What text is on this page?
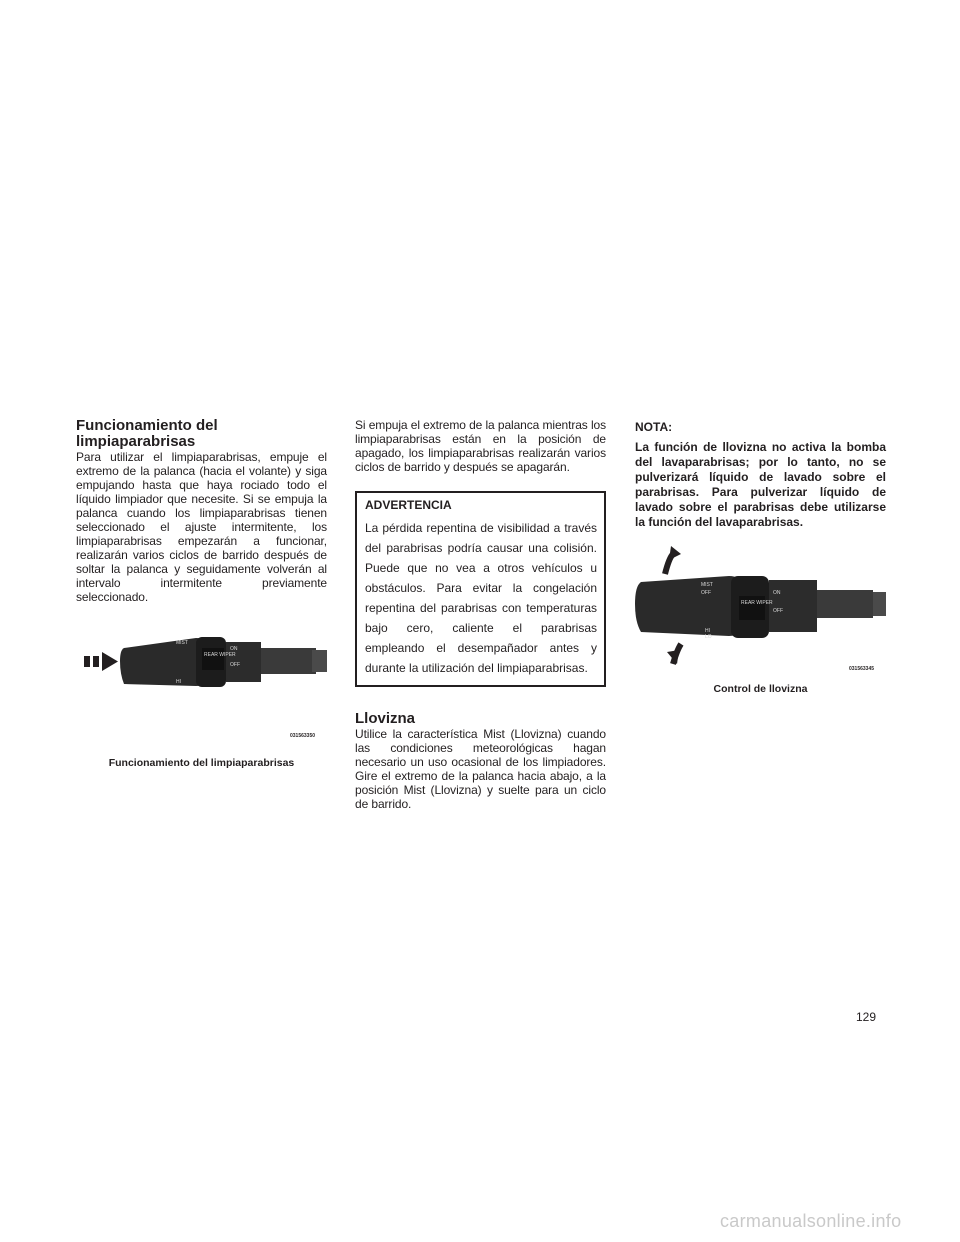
Funcionamiento del limpiaparabrisas

Para utilizar el limpiaparabrisas, empuje el extremo de la palanca (hacia el volante) y siga empujando hasta que haya rociado todo el líquido limpiador que necesite. Si se empuja la palanca cuando los limpiaparabrisas tienen seleccionado el ajuste intermitente, los limpiaparabrisas empezarán a funcionar, realizarán varios ciclos de barrido después de soltar la palanca y seguidamente volverán al intervalo intermitente previamente seleccionado.

REAR WIPER
MIST
ON
OFF
HI
031563350
Funcionamiento del limpiaparabrisas

Si empuja el extremo de la palanca mientras los limpiaparabrisas están en la posición de apagado, los limpiaparabrisas realizarán varios ciclos de barrido y después se apagarán.

ADVERTENCIA

La pérdida repentina de visibilidad a través del parabrisas podría causar una colisión. Puede que no vea a otros vehículos u obstáculos. Para evitar la congelación repentina del parabrisas con temperaturas bajo cero, caliente el parabrisas empleando el desempañador antes y durante la utilización del limpiaparabrisas.

Llovizna

Utilice la característica Mist (Llovizna) cuando las condiciones meteorológicas hagan necesario un uso ocasional de los limpiadores. Gire el extremo de la palanca hacia abajo, a la posición Mist (Llovizna) y suelte para un ciclo de barrido.

NOTA:

La función de llovizna no activa la bomba del lavaparabrisas; por lo tanto, no se pulverizará líquido de lavado sobre el parabrisas. Para pulverizar líquido de lavado sobre el parabrisas debe utilizarse la función del lavaparabrisas.

REAR WIPER
MIST
OFF	ON
OFF
HI
LO
031563345
Control de llovizna
129
carmanualsonline.info
